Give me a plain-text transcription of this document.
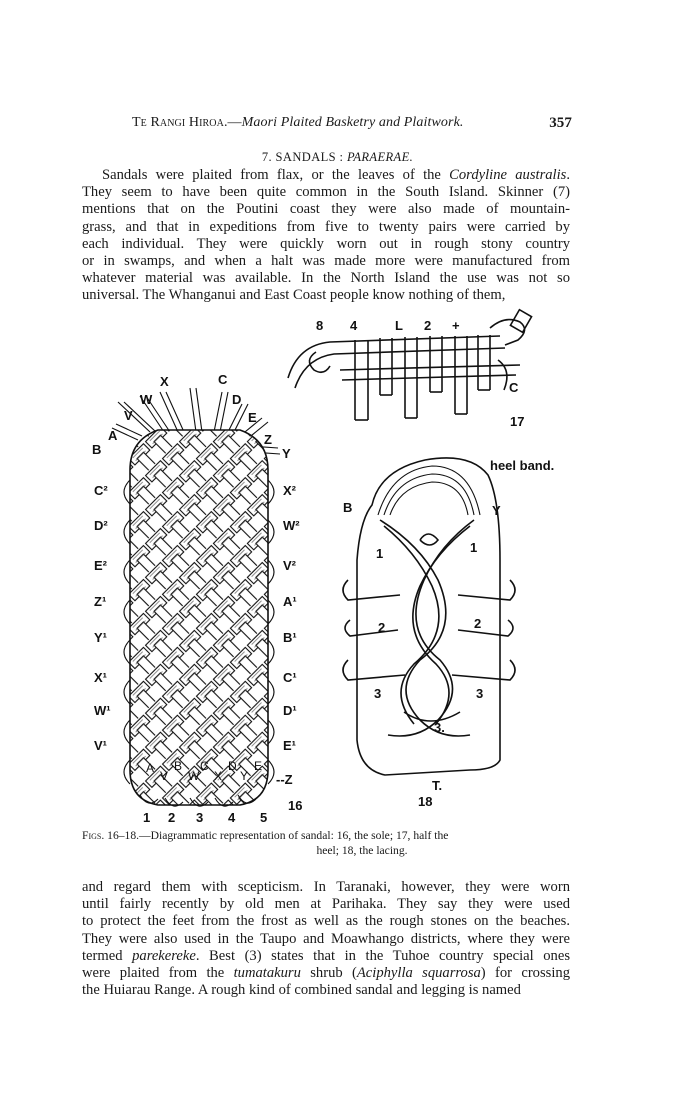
Te Rangi Hiroa.—Maori Plaited Basketry and Plaitwork.	357
7. SANDALS : PARAERAE.
Sandals were plaited from flax, or the leaves of the Cordyline australis.
They seem to have been quite common in the South Island. Skinner (7)
mentions that on the Poutini coast they were also made of mountain-
grass, and that in expeditions from five to twenty pairs were carried by
each individual. They were quickly worn out in rough stony country
or in swamps, and when a halt was made more were manufactured from
whatever material was available. In the North Island the use was not so
universal. The Whanganui and East Coast people know nothing of them,
X	C
W	D
V	E
A	Z
B	Y
C²
D²
E²
Z¹
Y¹
X¹
W¹
V¹
X²
W²
V²
A¹
B¹
C¹
D¹
E¹
A
V
B
W
C
X
D
Y
E
1 2 3 4 5
--Z
16
8 4	L 2 +
C
17
heel band.
B	Y
1	1
2	2
3	3
3.
T.
18
Figs. 16–18.—Diagrammatic representation of sandal: 16, the sole; 17, half the
heel; 18, the lacing.
and regard them with scepticism. In Taranaki, however, they were worn
until fairly recently by old men at Parihaka. They say they were used
to protect the feet from the frost as well as the rough stones on the beaches.
They were also used in the Taupo and Moawhango districts, where they were
termed parekereke. Best (3) states that in the Tuhoe country special ones
were plaited from the tumatakuru shrub (Aciphylla squarrosa) for crossing
the Huiarau Range. A rough kind of combined sandal and legging is named
